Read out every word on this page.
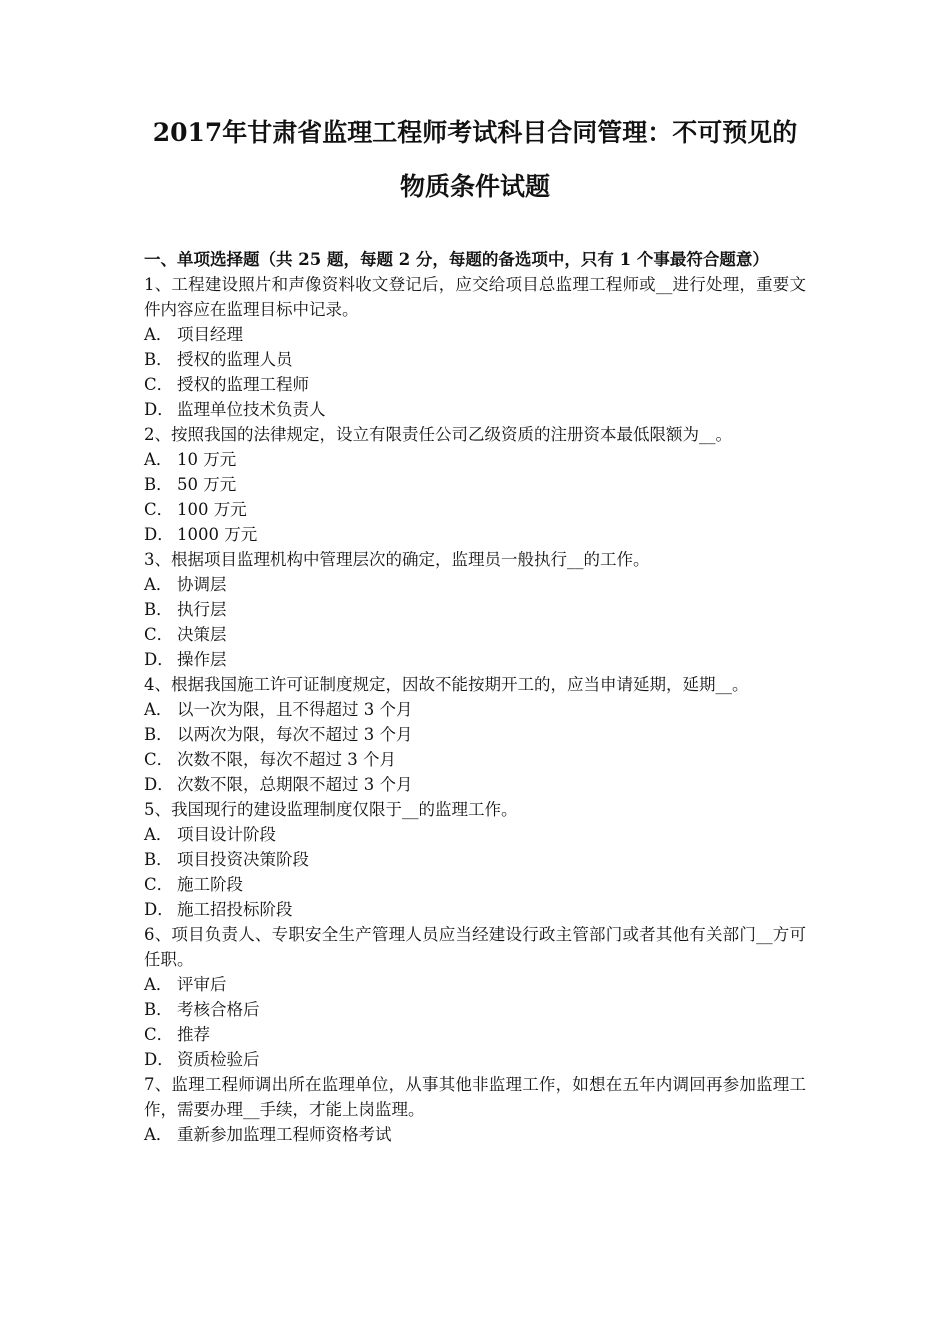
2017年甘肃省监理工程师考试科目合同管理：不可预见的
物质条件试题

一、单项选择题（共 25 题，每题 2 分，每题的备选项中，只有 1 个事最符合题意）

1、工程建设照片和声像资料收文登记后，应交给项目总监理工程师或__进行处理，重要文件内容应在监理目标中记录。

A． 项目经理

B． 授权的监理人员

C． 授权的监理工程师

D． 监理单位技术负责人

2、按照我国的法律规定，设立有限责任公司乙级资质的注册资本最低限额为__。

A． 10 万元

B． 50 万元

C． 100 万元

D． 1000 万元

3、根据项目监理机构中管理层次的确定，监理员一般执行__的工作。

A． 协调层

B． 执行层

C． 决策层

D． 操作层

4、根据我国施工许可证制度规定，因故不能按期开工的，应当申请延期，延期__。

A． 以一次为限，且不得超过 3 个月

B． 以两次为限，每次不超过 3 个月

C． 次数不限，每次不超过 3 个月

D． 次数不限，总期限不超过 3 个月

5、我国现行的建设监理制度仅限于__的监理工作。

A． 项目设计阶段

B． 项目投资决策阶段

C． 施工阶段

D． 施工招投标阶段

6、项目负责人、专职安全生产管理人员应当经建设行政主管部门或者其他有关部门__方可任职。

A． 评审后

B． 考核合格后

C． 推荐

D． 资质检验后

7、监理工程师调出所在监理单位，从事其他非监理工作，如想在五年内调回再参加监理工作，需要办理__手续，才能上岗监理。

A． 重新参加监理工程师资格考试
